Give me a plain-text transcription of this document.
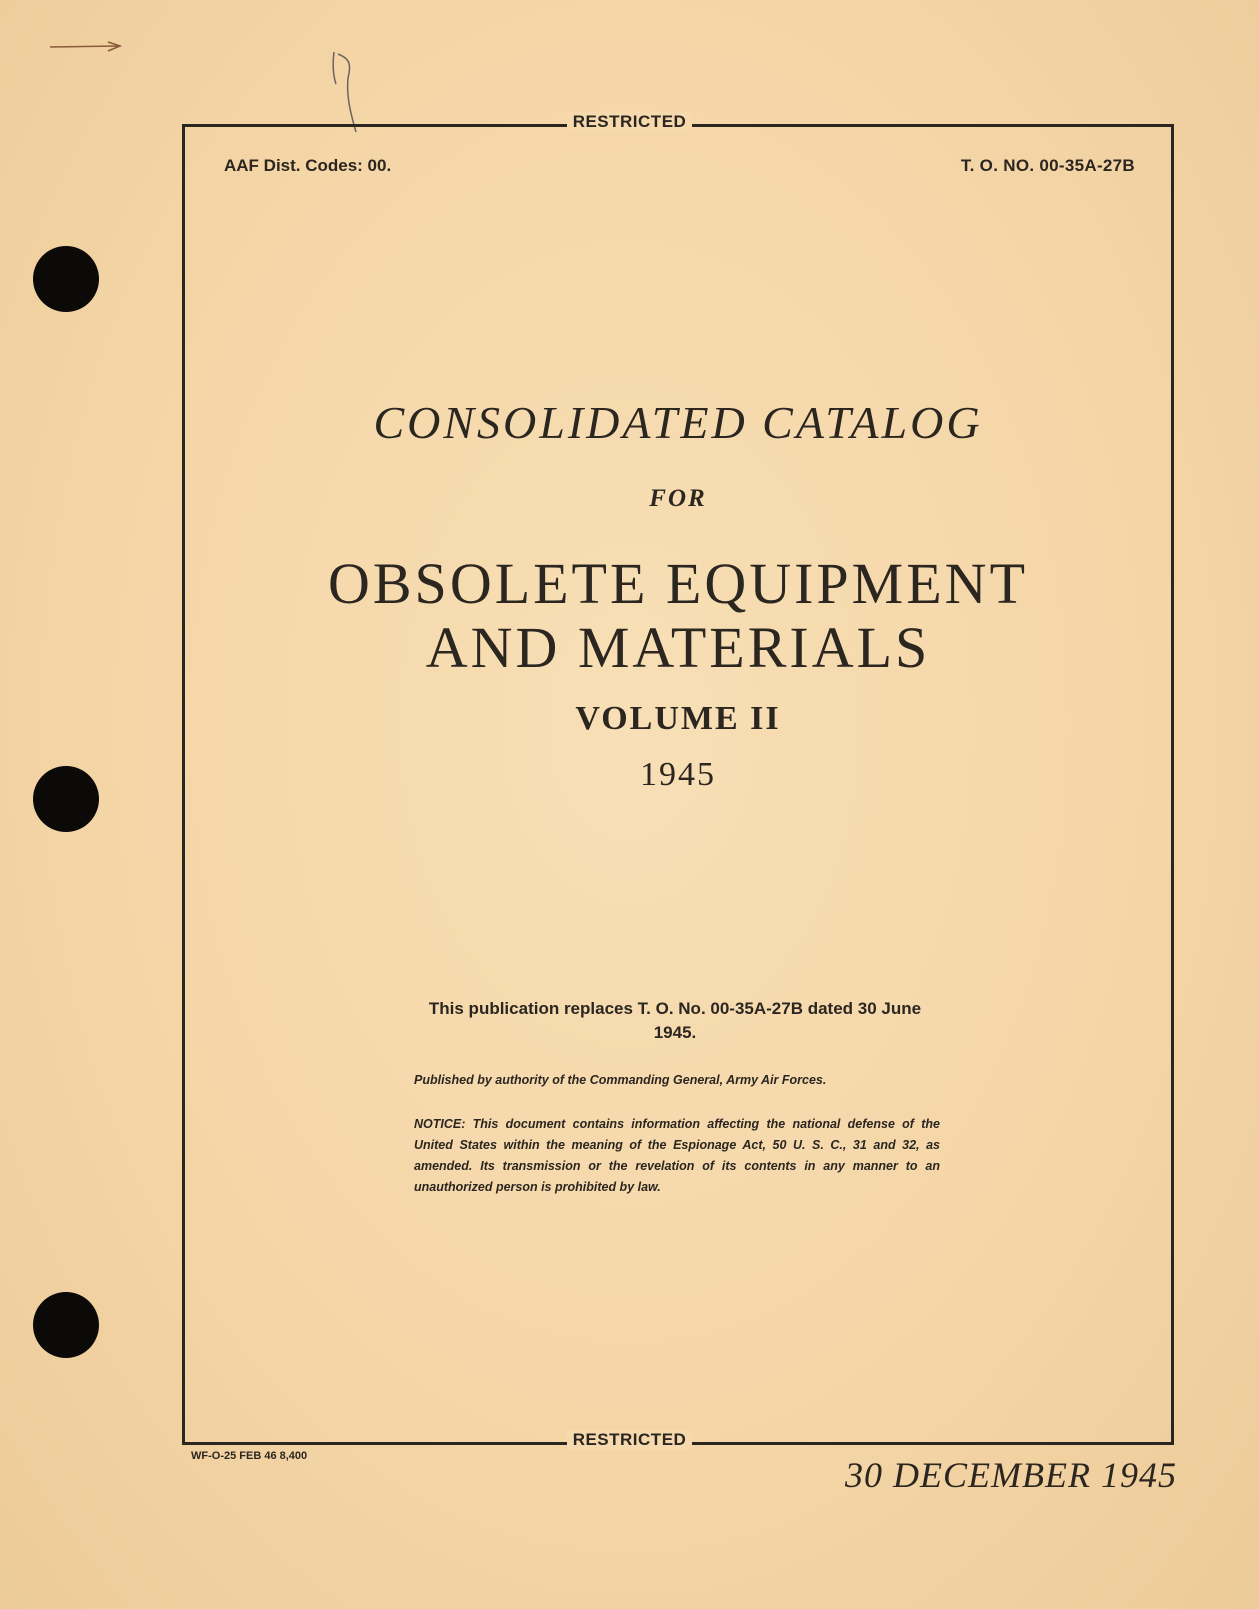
RESTRICTED
AAF Dist. Codes: 00.	T. O. NO. 00-35A-27B
CONSOLIDATED CATALOG
FOR
OBSOLETE EQUIPMENT
AND MATERIALS
VOLUME II
1945
This publication replaces T. O. No. 00-35A-27B dated 30 June 1945.
Published by authority of the Commanding General, Army Air Forces.
NOTICE: This document contains information affecting the national defense of the United States within the meaning of the Espionage Act, 50 U. S. C., 31 and 32, as amended. Its transmission or the revelation of its contents in any manner to an unauthorized person is prohibited by law.
RESTRICTED
WF-O-25 FEB 46 8,400	30 DECEMBER 1945
